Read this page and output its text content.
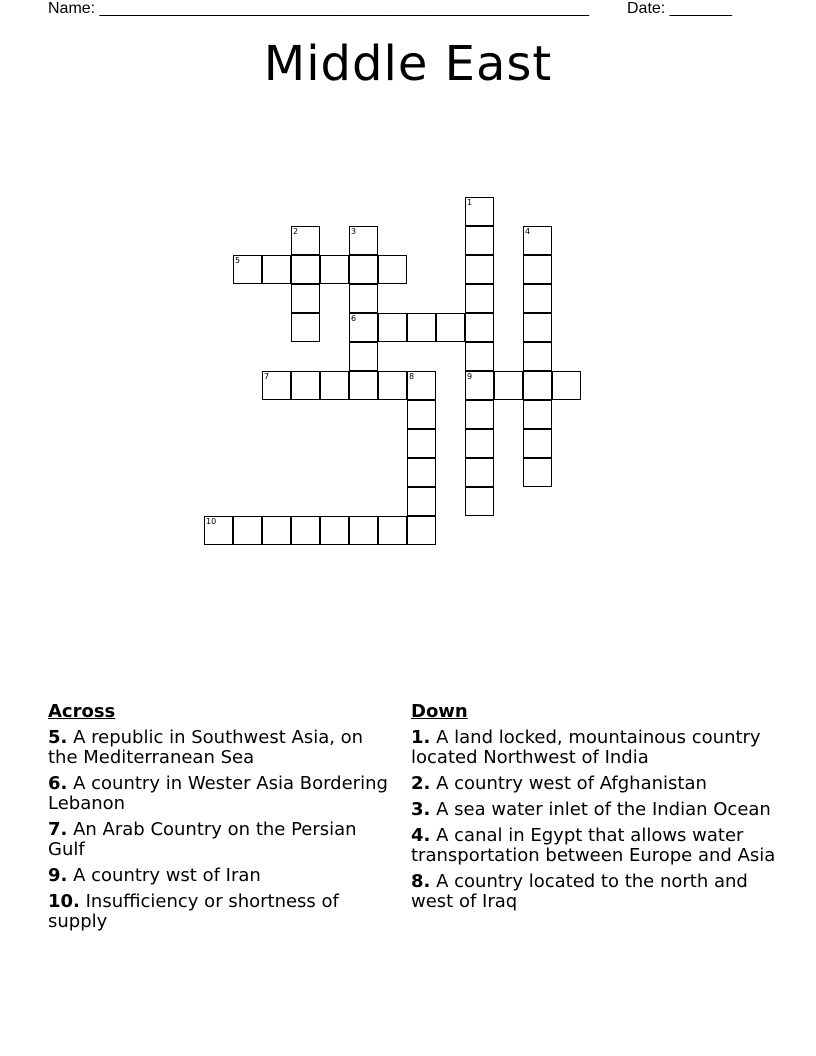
Name: _______________________________________________________ Date: _______
Middle East
1
2	3	4
5
6
7	8	9
10
Across
5. A republic in Southwest Asia, on the Mediterranean Sea
6. A country in Wester Asia Bordering Lebanon
7. An Arab Country on the Persian Gulf
9. A country wst of Iran
10. Insufficiency or shortness of supply
Down
1. A land locked, mountainous country located Northwest of India
2. A country west of Afghanistan
3. A sea water inlet of the Indian Ocean
4. A canal in Egypt that allows water transportation between Europe and Asia
8. A country located to the north and west of Iraq
